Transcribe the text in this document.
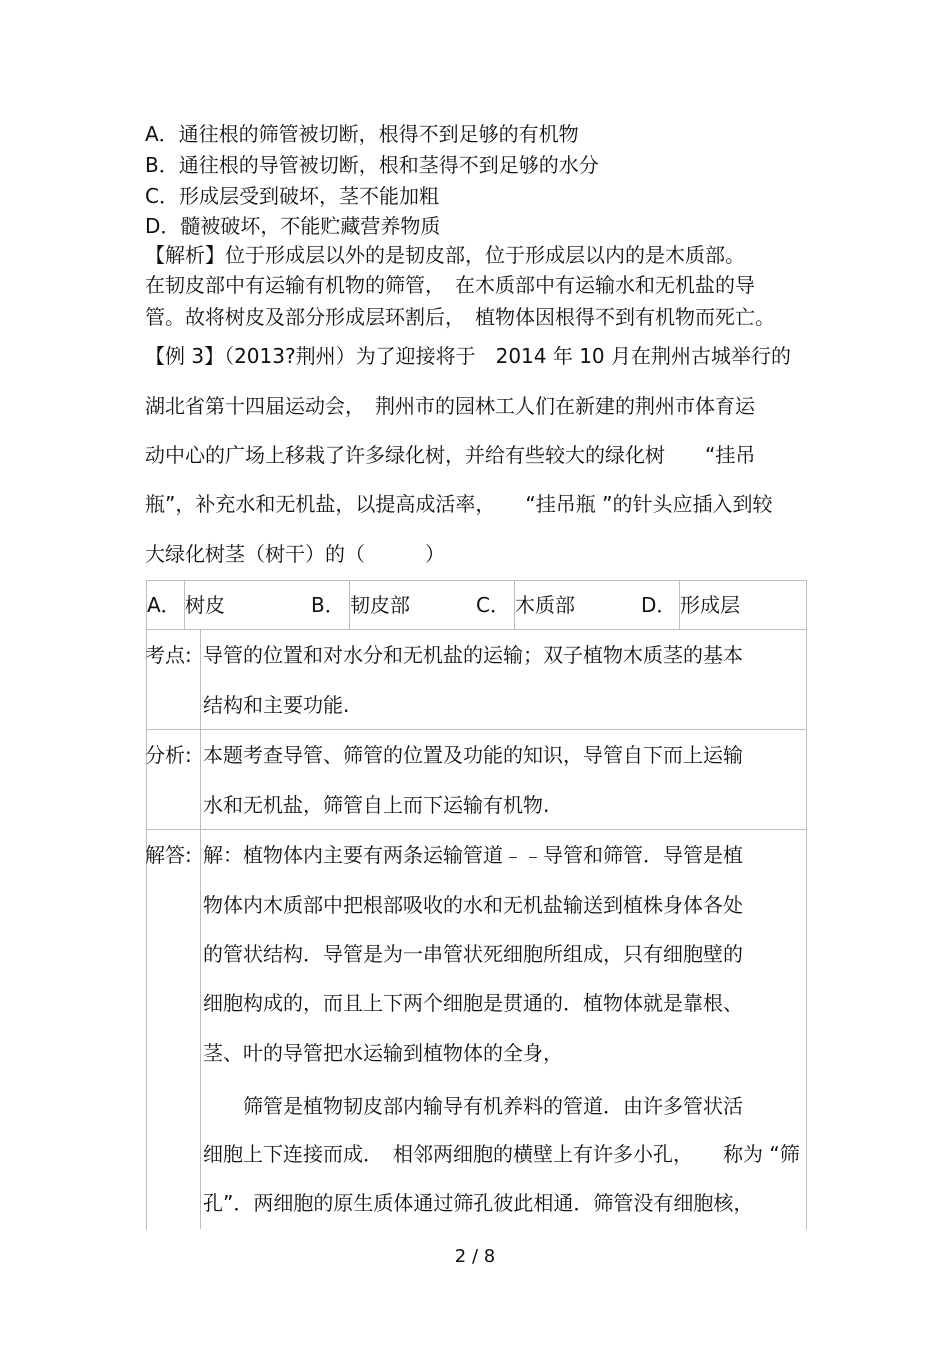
A．通往根的筛管被切断，根得不到足够的有机物
B．通往根的导管被切断，根和茎得不到足够的水分
C．形成层受到破坏，茎不能加粗
D．髓被破坏，不能贮藏营养物质
【解析】位于形成层以外的是韧皮部，位于形成层以内的是木质部。
在韧皮部中有运输有机物的筛管，　在木质部中有运输水和无机盐的导
管。故将树皮及部分形成层环割后，　植物体因根得不到有机物而死亡。
【例 3】（2013?荆州）为了迎接将于　2014 年 10 月在荆州古城举行的
湖北省第十四届运动会，　荆州市的园林工人们在新建的荆州市体育运
动中心的广场上移栽了许多绿化树，并给有些较大的绿化树　　“挂吊
瓶”，补充水和无机盐，以提高成活率，　　“挂吊瓶 ”的针头应插入到较
大绿化树茎（树干）的（　　　）
A． 树皮	B． 韧皮部	C． 木质部	D． 形成层
考点: 导管的位置和对水分和无机盐的运输；双子植物木质茎的基本
结构和主要功能.
分析: 本题考查导管、筛管的位置及功能的知识，导管自下而上运输
水和无机盐，筛管自上而下运输有机物.
解答: 解：植物体内主要有两条运输管道﹣﹣导管和筛管．导管是植
物体内木质部中把根部吸收的水和无机盐输送到植株身体各处
的管状结构．导管是为一串管状死细胞所组成，只有细胞壁的
细胞构成的，而且上下两个细胞是贯通的．植物体就是靠根、
茎、叶的导管把水运输到植物体的全身，
　　筛管是植物韧皮部内输导有机养料的管道．由许多管状活
细胞上下连接而成．　相邻两细胞的横壁上有许多小孔，　　称为 “筛
孔”．两细胞的原生质体通过筛孔彼此相通．筛管没有细胞核，
2 / 8
